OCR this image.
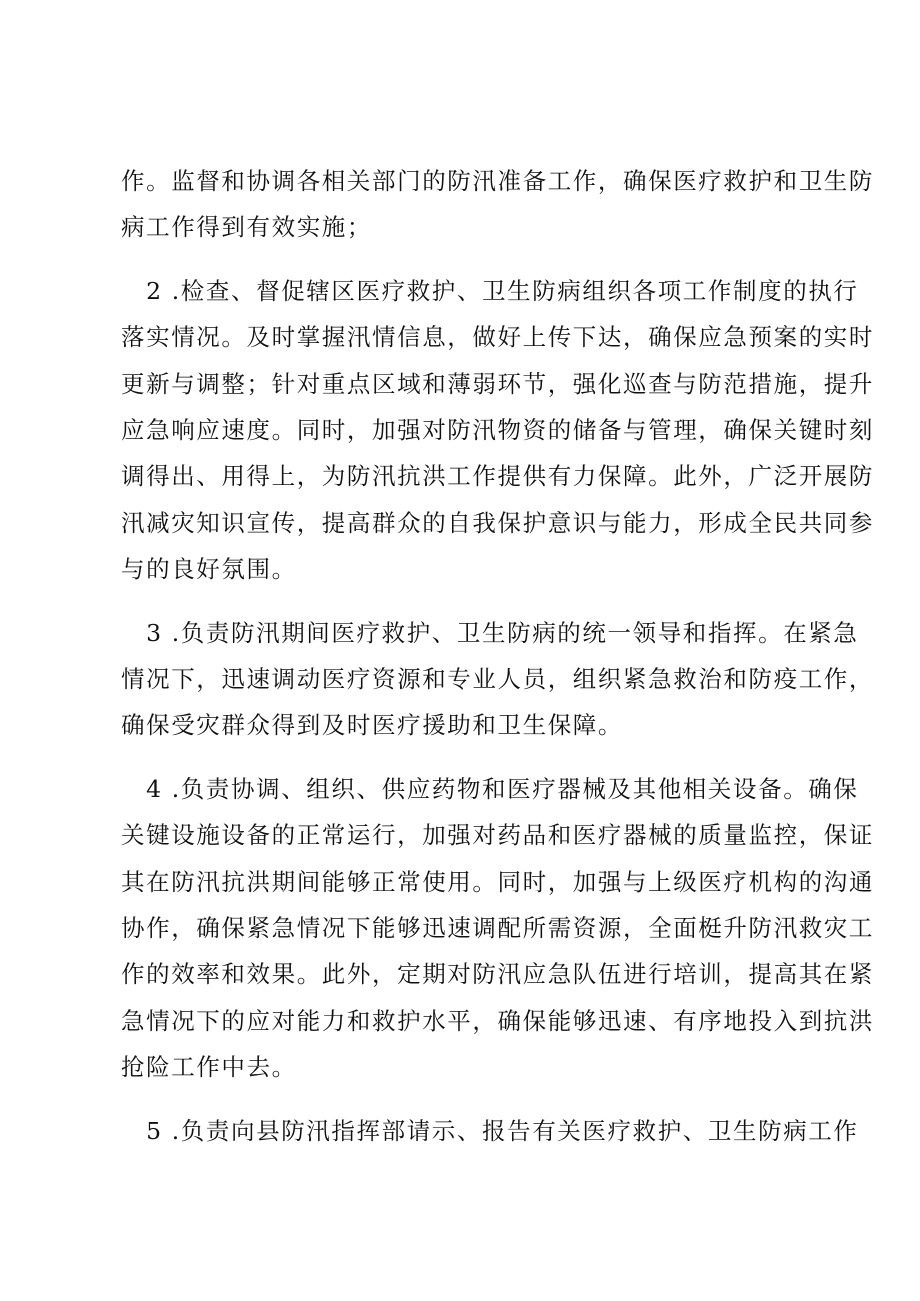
作。监督和协调各相关部门的防汛准备工作，确保医疗救护和卫生防
病工作得到有效实施；

　2 .检查、督促辖区医疗救护、卫生防病组织各项工作制度的执行
落实情况。及时掌握汛情信息，做好上传下达，确保应急预案的实时
更新与调整；针对重点区域和薄弱环节，强化巡查与防范措施，提升
应急响应速度。同时，加强对防汛物资的储备与管理，确保关键时刻
调得出、用得上，为防汛抗洪工作提供有力保障。此外，广泛开展防
汛减灾知识宣传，提高群众的自我保护意识与能力，形成全民共同参
与的良好氛围。

　3 .负责防汛期间医疗救护、卫生防病的统一领导和指挥。在紧急
情况下，迅速调动医疗资源和专业人员，组织紧急救治和防疫工作，
确保受灾群众得到及时医疗援助和卫生保障。

　4 .负责协调、组织、供应药物和医疗器械及其他相关设备。确保
关键设施设备的正常运行，加强对药品和医疗器械的质量监控，保证
其在防汛抗洪期间能够正常使用。同时，加强与上级医疗机构的沟通
协作，确保紧急情况下能够迅速调配所需资源，全面梃升防汛救灾工
作的效率和效果。此外，定期对防汛应急队伍进行培训，提高其在紧
急情况下的应对能力和救护水平，确保能够迅速、有序地投入到抗洪
抢险工作中去。

　5 .负责向县防汛指挥部请示、报告有关医疗救护、卫生防病工作
